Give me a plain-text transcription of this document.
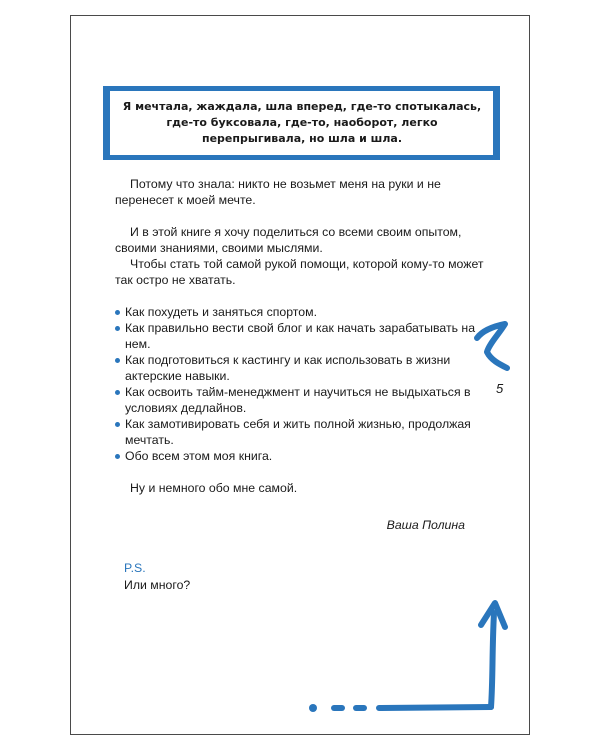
Я мечтала, жаждала, шла вперед, где-то спотыкалась, где-то буксовала, где-то, наоборот, легко перепрыгивала, но шла и шла.

Потому что знала: никто не возьмет меня на руки и не перенесет к моей мечте.

И в этой книге я хочу поделиться со всеми своим опытом, своими знаниями, своими мыслями.

Чтобы стать той самой рукой помощи, которой кому-то может так остро не хватать.

Как похудеть и заняться спортом.
Как правильно вести свой блог и как начать зарабатывать на нем.
Как подготовиться к кастингу и как использовать в жизни актерские навыки.
Как освоить тайм-менеджмент и научиться не выдыхаться в условиях дедлайнов.
Как замотивировать себя и жить полной жизнью, продолжая мечтать.
Обо всем этом моя книга.

Ну и немного обо мне самой.

Ваша Полина
P.S.
Или много?
5
